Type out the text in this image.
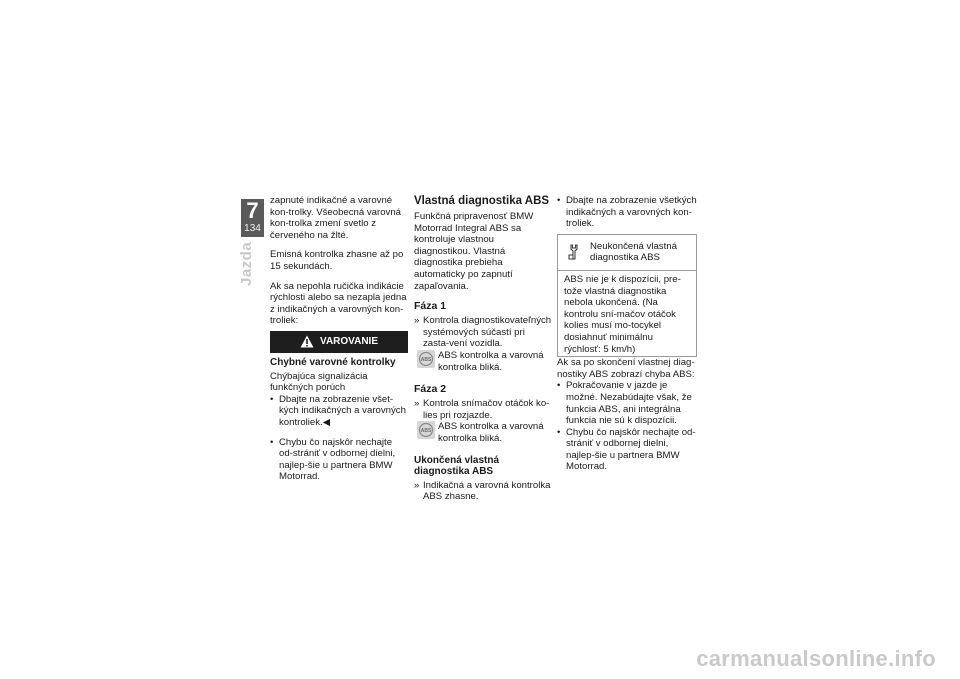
7
134
Jazda

zapnuté indikačné a varovné kon-trolky. Všeobecná varovná kon-trolka zmení svetlo z červeného na žlté.

Emisná kontrolka zhasne až po 15 sekundách.

Ak sa nepohla ručička indikácie rýchlosti alebo sa nezapla jedna z indikačných a varovných kon-troliek:

VAROVANIE
Chybné varovné kontrolky

Chýbajúca signalizácia funkčných porúch

• Dbajte na zobrazenie všet-kých indikačných a varovných kontroliek.◀

• Chybu čo najskôr nechajte od-strániť v odbornej dielni, najlep-šie u partnera BMW Motorrad.

Vlastná diagnostika ABS

Funkčná pripravenosť BMW Motorrad Integral ABS sa kontroluje vlastnou diagnostikou. Vlastná diagnostika prebieha automaticky po zapnutí zapaľovania.

Fáza 1

» Kontrola diagnostikovateľných systémových súčastí pri zasta-vení vozidla.

ABS ABS kontrolka a varovná kontrolka bliká.
Fáza 2

» Kontrola snímačov otáčok ko-lies pri rozjazde.

ABS ABS kontrolka a varovná kontrolka bliká.
Ukončená vlastná diagnostika ABS

» Indikačná a varovná kontrolka ABS zhasne.

• Dbajte na zobrazenie všetkých indikačných a varovných kon-troliek.

Neukončená vlastná diagnostika ABS
ABS nie je k dispozícii, pre-tože vlastná diagnostika nebola ukončená. (Na kontrolu sní-mačov otáčok kolies musí mo-tocykel dosiahnuť minimálnu rýchlosť: 5 km/h)

Ak sa po skončení vlastnej diag-nostiky ABS zobrazí chyba ABS:

• Pokračovanie v jazde je možné. Nezabúdajte však, že funkcia ABS, ani integrálna funkcia nie sú k dispozícii.

• Chybu čo najskôr nechajte od-strániť v odbornej dielni, najlep-šie u partnera BMW Motorrad.

carmanualsonline.info
